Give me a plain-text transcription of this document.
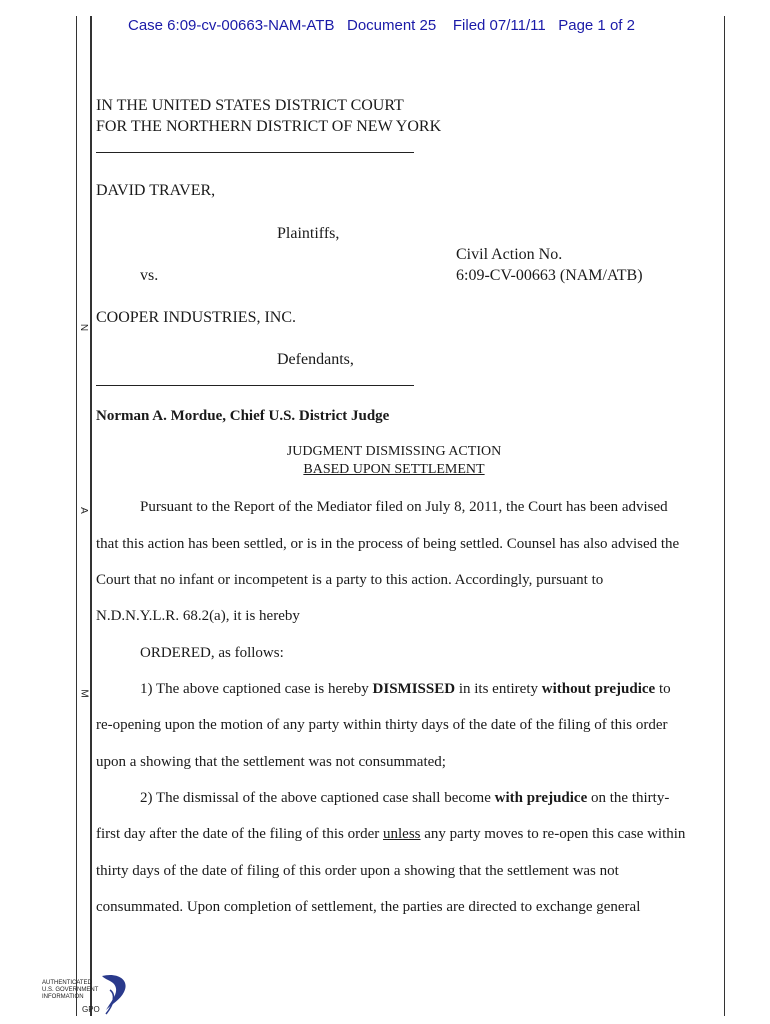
N
A
M
Case 6:09-cv-00663-NAM-ATB Document 25 Filed 07/11/11 Page 1 of 2
IN THE UNITED STATES DISTRICT COURT
FOR THE NORTHERN DISTRICT OF NEW YORK
DAVID TRAVER,
Plaintiffs,
Civil Action No.
vs.	6:09-CV-00663 (NAM/ATB)
COOPER INDUSTRIES, INC.
Defendants,
Norman A. Mordue, Chief U.S. District Judge
JUDGMENT DISMISSING ACTION
BASED UPON SETTLEMENT
Pursuant to the Report of the Mediator filed on July 8, 2011, the Court has been advised
that this action has been settled, or is in the process of being settled. Counsel has also advised the
Court that no infant or incompetent is a party to this action. Accordingly, pursuant to
N.D.N.Y.L.R. 68.2(a), it is hereby
ORDERED, as follows:
1) The above captioned case is hereby DISMISSED in its entirety without prejudice to
re-opening upon the motion of any party within thirty days of the date of the filing of this order
upon a showing that the settlement was not consummated;
2) The dismissal of the above captioned case shall become with prejudice on the thirty-
first day after the date of the filing of this order unless any party moves to re-open this case within
thirty days of the date of filing of this order upon a showing that the settlement was not
consummated. Upon completion of settlement, the parties are directed to exchange general
AUTHENTICATED
U.S. GOVERNMENT
INFORMATION
GPO
